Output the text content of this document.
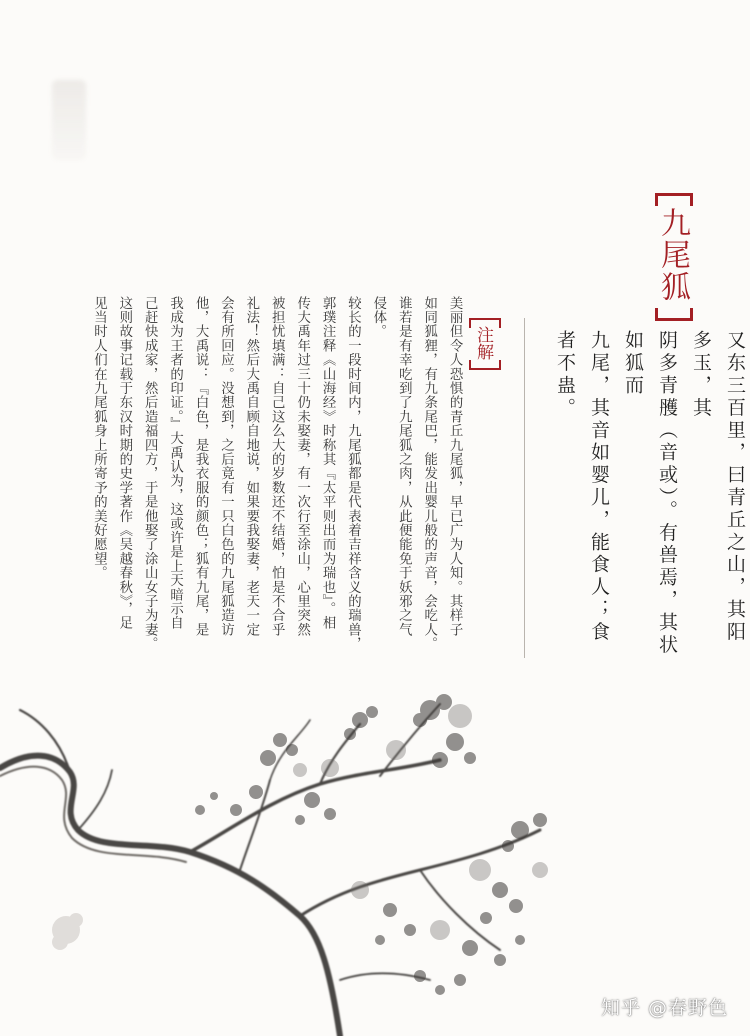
九尾狐
又东三百里，曰青丘之山，其阳多玉，其
阴多青雘（音或）。有兽焉，其状如狐而
九尾，其音如婴儿，能食人；食者不蛊。
注解
美丽但令人恐惧的青丘九尾狐，早已广为人知。其样子
如同狐狸，有九条尾巴，能发出婴儿般的声音，会吃人。
谁若是有幸吃到了九尾狐之肉，从此便能免于妖邪之气
侵体。
较长的一段时间内，九尾狐都是代表着吉祥含义的瑞兽，
郭璞注释《山海经》时称其『太平则出而为瑞也』。相
传大禹年过三十仍未娶妻，有一次行至涂山，心里突然
被担忧填满：自己这么大的岁数还不结婚，怕是不合乎
礼法！然后大禹自顾自地说，如果要我娶妻，老天一定
会有所回应。没想到，之后竟有一只白色的九尾狐造访
他，大禹说：『白色，是我衣服的颜色；狐有九尾，是
我成为王者的印证。』大禹认为，这或许是上天暗示自
己赶快成家，然后造福四方，于是他娶了涂山女子为妻。
这则故事记载于东汉时期的史学著作《吴越春秋》，足
见当时人们在九尾狐身上所寄予的美好愿望。
知乎 @春野色
